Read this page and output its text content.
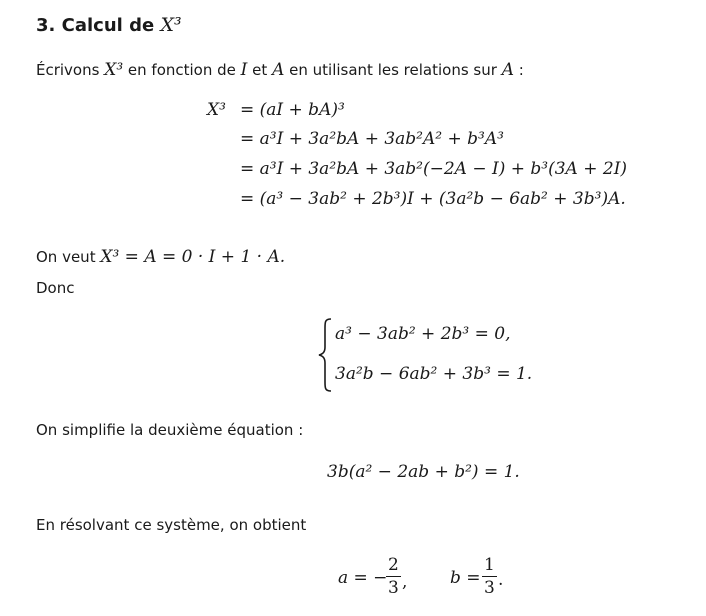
3. Calcul de X³
Écrivons X³ en fonction de I et A en utilisant les relations sur A :
X³ = (aI + bA)³
= a³I + 3a²bA + 3ab²A² + b³A³
= a³I + 3a²bA + 3ab²(−2A − I) + b³(3A + 2I)
= (a³ − 3ab² + 2b³)I + (3a²b − 6ab² + 3b³)A.
On veut X³ = A = 0 · I + 1 · A.
Donc
a³ − 3ab² + 2b³ = 0,
3a²b − 6ab² + 3b³ = 1.
On simplifie la deuxième équation :
3b(a² − 2ab + b²) = 1.
En résolvant ce système, on obtient
a = −
$\frac{2}{3}$ ,	$b = \frac{1}{3}$ .
